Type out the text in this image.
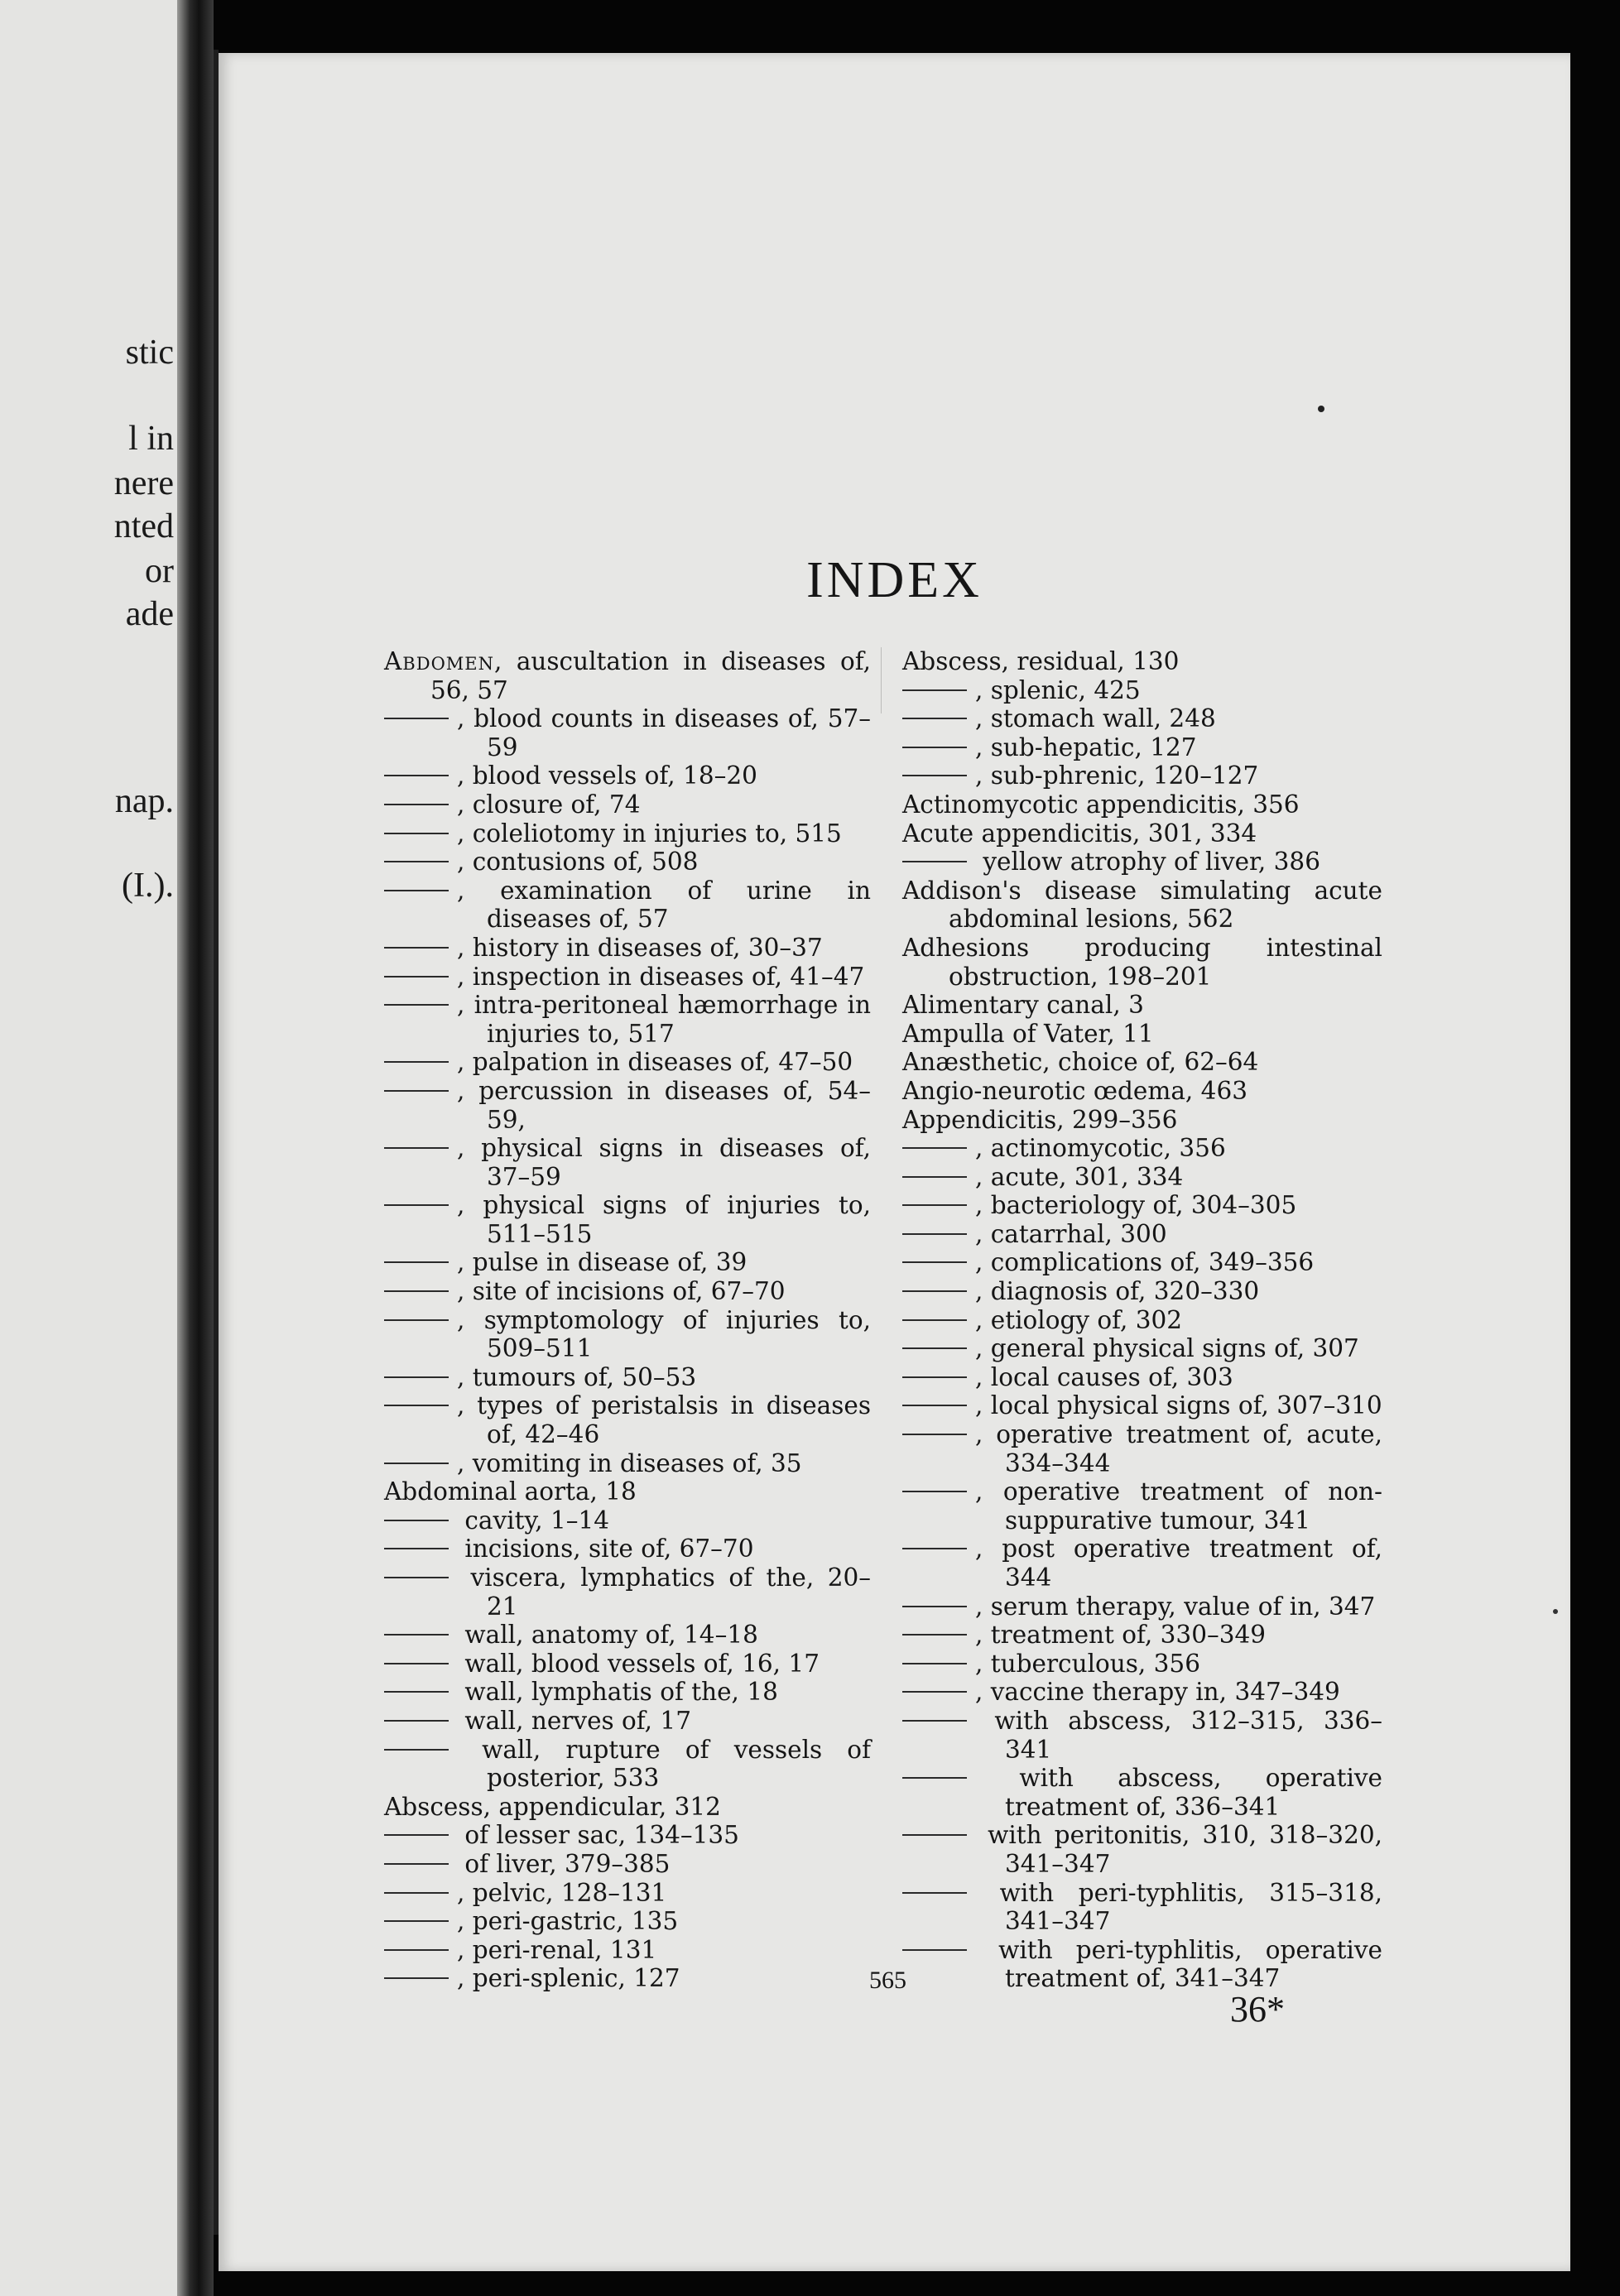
stic
l in
nere
nted
or
ade
nap.
(I.).
INDEX
Abdomen, auscultation in diseases of, 56, 57
, blood counts in diseases of, 57–59
, blood vessels of, 18–20
, closure of, 74
, coleliotomy in injuries to, 515
, contusions of, 508
, examination of urine in diseases of, 57
, history in diseases of, 30–37
, inspection in diseases of, 41–47
, intra-peritoneal hæmorrhage in injuries to, 517
, palpation in diseases of, 47–50
, percussion in diseases of, 54–59,
, physical signs in diseases of, 37–59
, physical signs of injuries to, 511–515
, pulse in disease of, 39
, site of incisions of, 67–70
, symptomology of injuries to, 509–511
, tumours of, 50–53
, types of peristalsis in diseases of, 42–46
, vomiting in diseases of, 35
Abdominal aorta, 18
cavity, 1–14
incisions, site of, 67–70
viscera, lymphatics of the, 20–21
wall, anatomy of, 14–18
wall, blood vessels of, 16, 17
wall, lymphatis of the, 18
wall, nerves of, 17
wall, rupture of vessels of posterior, 533
Abscess, appendicular, 312
of lesser sac, 134–135
of liver, 379–385
, pelvic, 128–131
, peri-gastric, 135
, peri-renal, 131
, peri-splenic, 127
Abscess, residual, 130
, splenic, 425
, stomach wall, 248
, sub-hepatic, 127
, sub-phrenic, 120–127
Actinomycotic appendicitis, 356
Acute appendicitis, 301, 334
yellow atrophy of liver, 386
Addison's disease simulating acute abdominal lesions, 562
Adhesions producing intestinal obstruction, 198–201
Alimentary canal, 3
Ampulla of Vater, 11
Anæsthetic, choice of, 62–64
Angio-neurotic œdema, 463
Appendicitis, 299–356
, actinomycotic, 356
, acute, 301, 334
, bacteriology of, 304–305
, catarrhal, 300
, complications of, 349–356
, diagnosis of, 320–330
, etiology of, 302
, general physical signs of, 307
, local causes of, 303
, local physical signs of, 307–310
, operative treatment of, acute, 334–344
, operative treatment of non-suppurative tumour, 341
, post operative treatment of, 344
, serum therapy, value of in, 347
, treatment of, 330–349
, tuberculous, 356
, vaccine therapy in, 347–349
with abscess, 312–315, 336–341
with abscess, operative treatment of, 336–341
with peritonitis, 310, 318–320, 341–347
with peri-typhlitis, 315–318, 341–347
with peri-typhlitis, operative treatment of, 341–347
565
36*
